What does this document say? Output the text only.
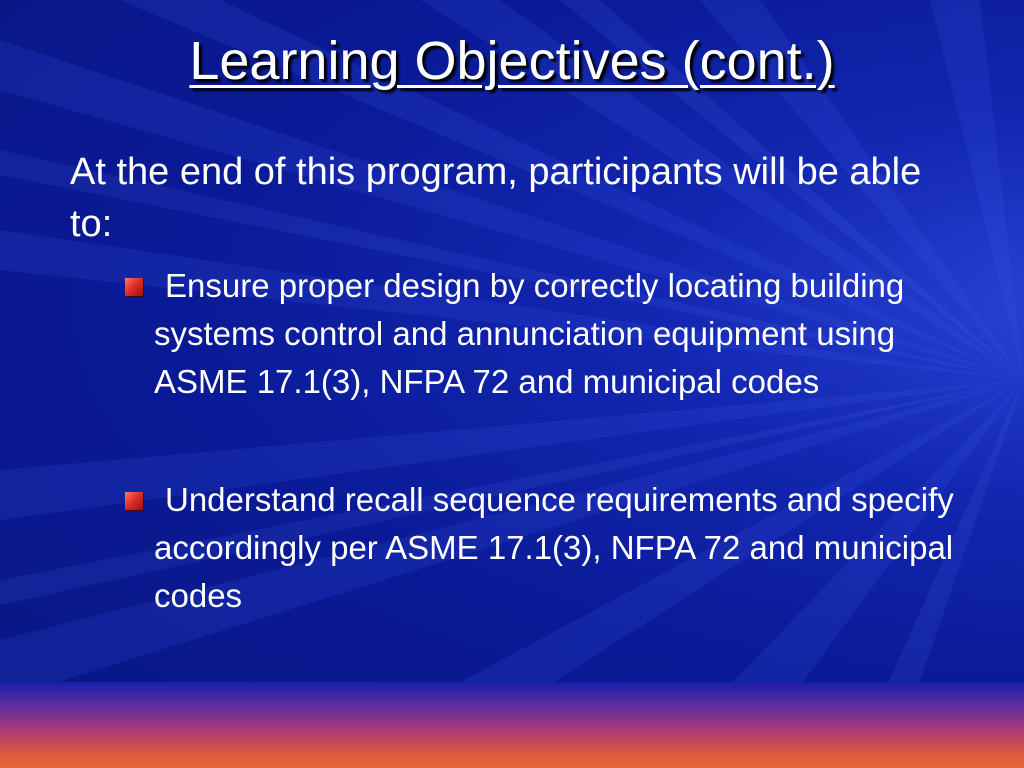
Learning Objectives (cont.)
At the end of this program, participants will be able to:
Ensure proper design by correctly locating building systems control and annunciation equipment using ASME 17.1(3), NFPA 72 and municipal codes
Understand recall sequence requirements and specify accordingly per ASME 17.1(3), NFPA 72 and municipal codes
